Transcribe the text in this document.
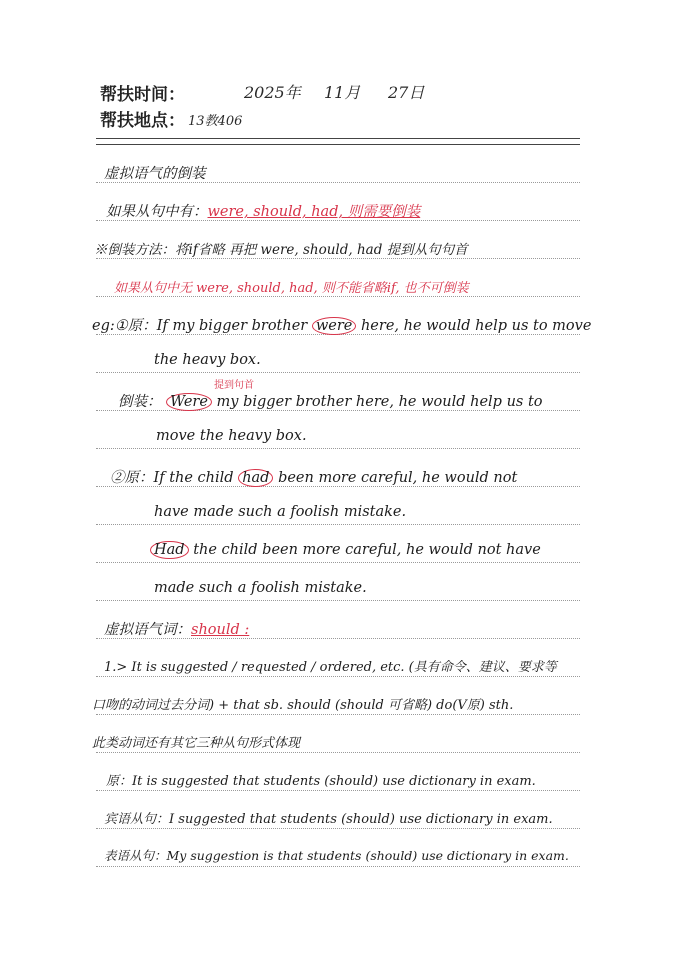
帮扶时间：	2025年 11月 27日
帮扶地点： 13教406
虚拟语气的倒装
如果从句中有：were, should, had, 则需要倒装
※倒装方法：将if省略 再把 were, should, had 提到从句句首
如果从句中无 were, should, had, 则不能省略if, 也不可倒装
eg:①原：If my bigger brother were here, he would help us to move
the heavy box.
提到句首
倒装： Were my bigger brother here, he would help us to
move the heavy box.
②原：If the child had been more careful, he would not
have made such a foolish mistake.
Had the child been more careful, he would not have
made such a foolish mistake.
虚拟语气词：should :
1.> It is suggested / requested / ordered, etc. (具有命令、建议、要求等
口吻的动词过去分词) + that sb. should (should 可省略) do(V原) sth.
此类动词还有其它三种从句形式体现
原：It is suggested that students (should) use dictionary in exam.
宾语从句：I suggested that students (should) use dictionary in exam.
表语从句：My suggestion is that students (should) use dictionary in exam.
